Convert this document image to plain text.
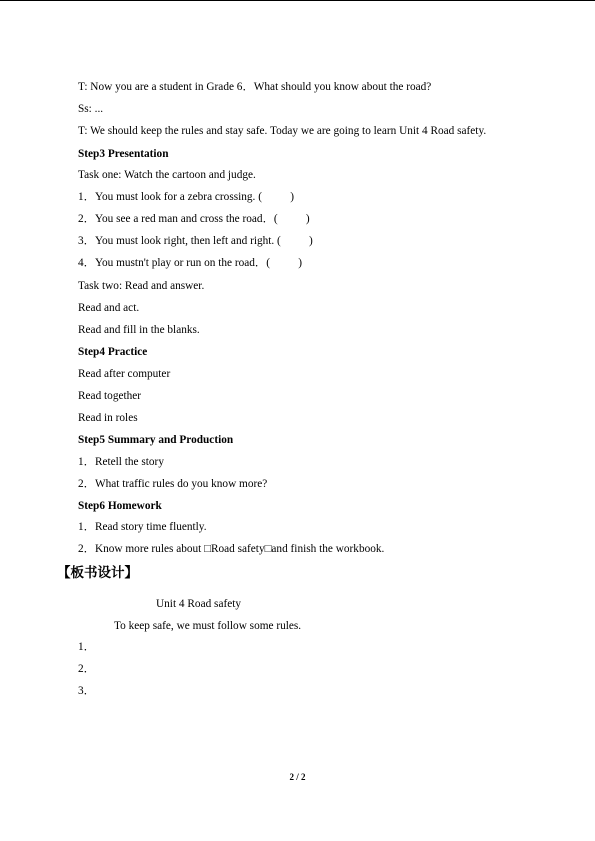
T: Now you are a student in Grade 6．What should you know about the road?

Ss: ...

T: We should keep the rules and stay safe. Today we are going to learn Unit 4 Road safety.

Step3 Presentation

Task one: Watch the cartoon and judge.

1．You must look for a zebra crossing. (          )

2．You see a red man and cross the road．(          )

3．You must look right, then left and right. (          )

4．You mustn't play or run on the road．(          )

Task two: Read and answer.

Read and act.

Read and fill in the blanks.

Step4 Practice

Read after computer

Read together

Read in roles

Step5 Summary and Production

1．Retell the story

2．What traffic rules do you know more?

Step6 Homework

1．Read story time fluently.

2．Know more rules about □Road safety□and finish the workbook.

【板书设计】

Unit 4 Road safety

To keep safe, we must follow some rules.

1．

2．

3．

2 / 2
